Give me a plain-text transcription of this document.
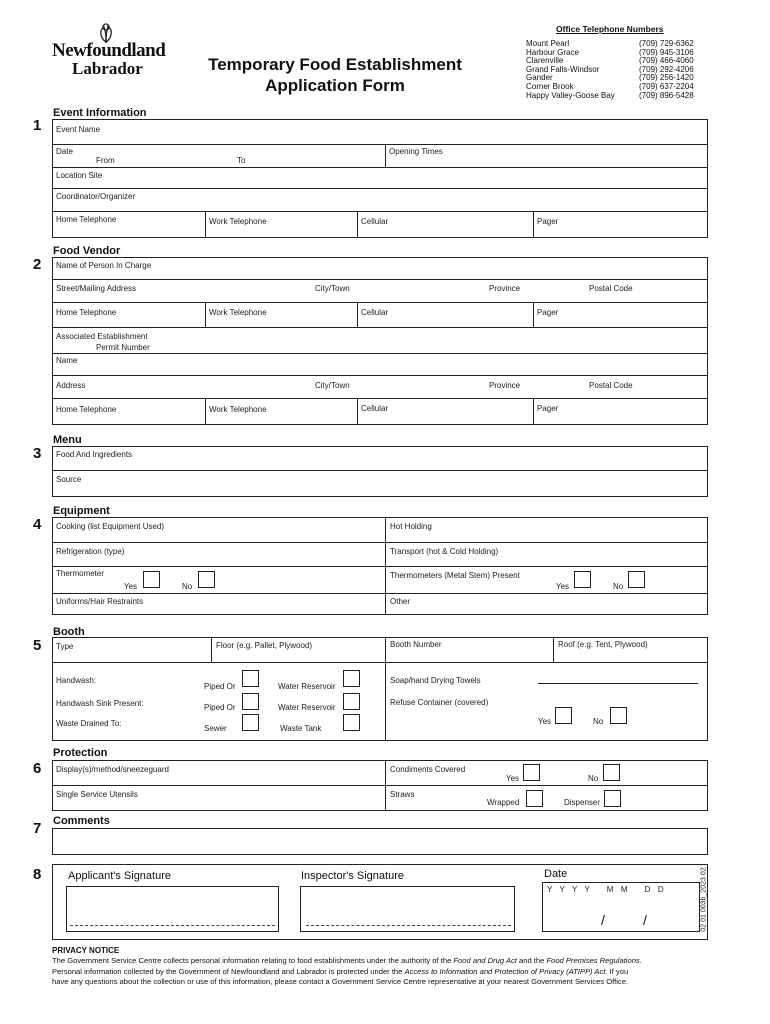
Newfoundland
Labrador	Temporary Food Establishment
Application Form
Office Telephone Numbers
Mount Pearl	(709) 729-6362
Harbour Grace	(709) 945-3106
Clarenville	(709) 466-4060
Grand Falls-Windsor	(709) 292-4206
Gander	(709) 256-1420
Corner Brook	(709) 637-2204
Happy Valley-Goose Bay	(709) 896-5428
1
Event Information
Event Name
Date
From	To
Opening Times
Location Site
Coordinator/Organizer
Home Telephone	Work Telephone	Cellular	Pager
2
Food Vendor
Name of Person In Charge
Street/Mailing Address	City/Town	Province	Postal Code
Home Telephone	Work Telephone	Cellular	Pager
Associated Establishment
Permit Number
Name
Address	City/Town	Province	Postal Code
Home Telephone	Work Telephone	Cellular	Pager
3
Menu
Food And Ingredients
Source
4
Equipment
Cooking (list Equipment Used)	Hot Holding
Refrigeration (type)	Transport (hot & Cold Holding)
Thermometer
Yes	No
Thermometers (Metal Stem) Present
Yes	No
Uniforms/Hair Restraints	Other
5
Booth
Type	Floor (e.g. Pallet, Plywood)	Booth Number	Roof (e.g. Tent, Plywood)
Handwash:
Piped Or	Water Reservoir
Handwash Sink Present:	Piped Or	Water Reservoir
Waste Drained To:
Sewer	Waste Tank
Soap/hand Drying Towels
Refuse Container (covered)
Yes	No
6
Protection
Display(s)/method/sneezeguard	Condiments Covered
Yes	No
Single Service Utensils	Straws
Wrapped	Dispenser
7 Comments
8 Applicant's Signature	Inspector's Signature	Date
Y  Y  Y  Y     M  M     D  D
/	/	02 01 003b_2023 02
PRIVACY NOTICE
The Government Service Centre collects personal information relating to food establishments under the authority of the Food and Drug Act and the Food Premises Regulations.
Personal information collected by the Government of Newfoundland and Labrador is protected under the Access to Information and Protection of Privacy (ATIPP) Act. If you
have any questions about the collection or use of this information, please contact a Government Service Centre representative at your nearest Government Services Office.
